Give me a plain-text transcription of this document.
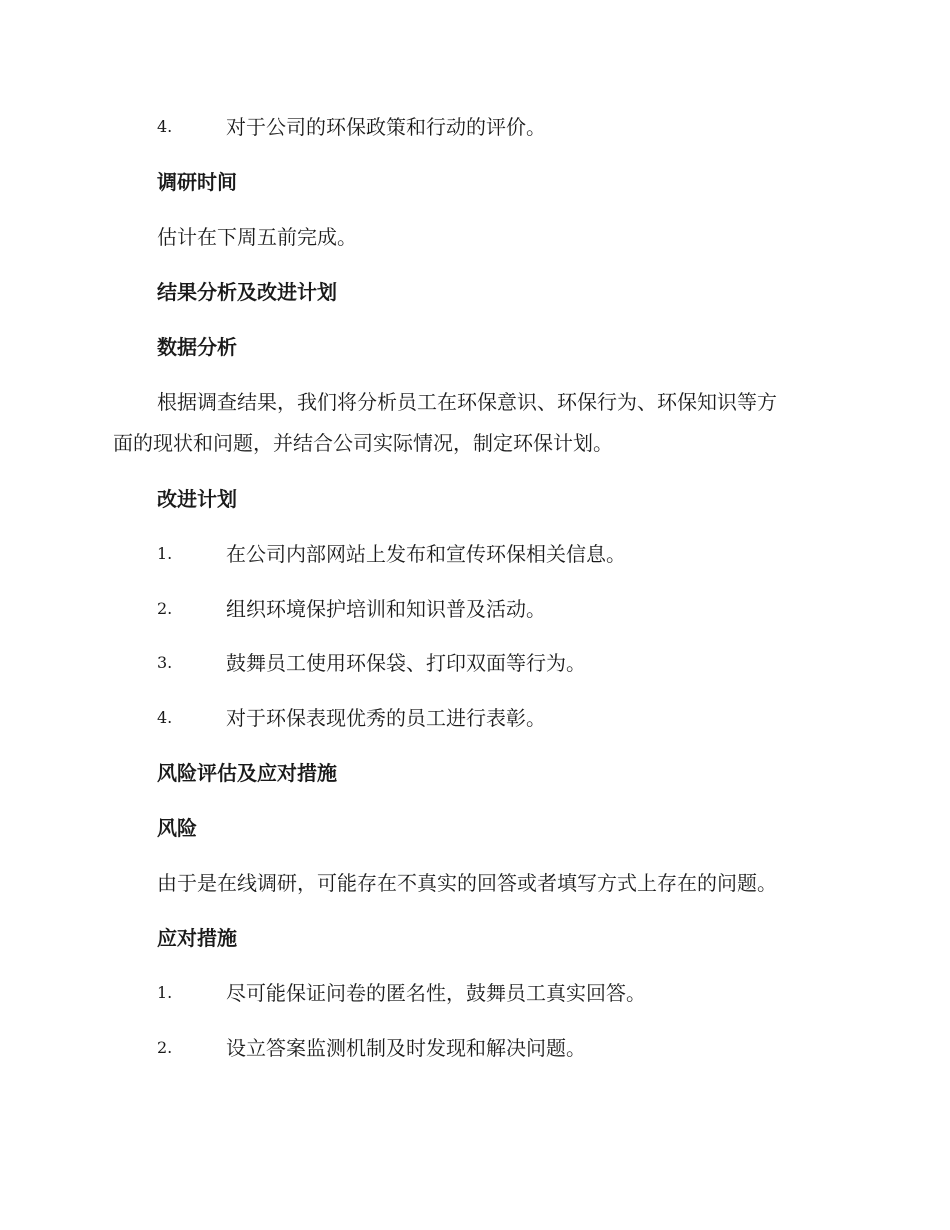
4.	对于公司的环保政策和行动的评价。
调研时间
估计在下周五前完成。
结果分析及改进计划
数据分析
根据调查结果，我们将分析员工在环保意识、环保行为、环保知识等方
面的现状和问题，并结合公司实际情况，制定环保计划。
改进计划
1.	在公司内部网站上发布和宣传环保相关信息。
2.	组织环境保护培训和知识普及活动。
3.	鼓舞员工使用环保袋、打印双面等行为。
4.	对于环保表现优秀的员工进行表彰。
风险评估及应对措施
风险
由于是在线调研，可能存在不真实的回答或者填写方式上存在的问题。
应对措施
1.	尽可能保证问卷的匿名性，鼓舞员工真实回答。
2.	设立答案监测机制及时发现和解决问题。
